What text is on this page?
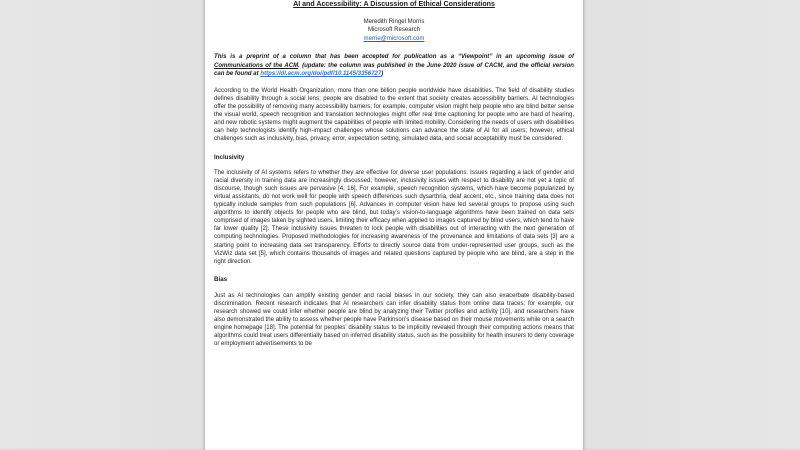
AI and Accessibility: A Discussion of Ethical Considerations
Meredith Ringel Morris
Microsoft Research
merrie@microsoft.com
This is a preprint of a column that has been accepted for publication as a “Viewpoint” in an upcoming issue of Communications of the ACM. (update: the column was published in the June 2020 issue of CACM, and the official version can be found at https://dl.acm.org/doi/pdf/10.1145/3356727)

According to the World Health Organization, more than one billion people worldwide have disabilities. The field of disability studies defines disability through a social lens; people are disabled to the extent that society creates accessibility barriers. AI technologies offer the possibility of removing many accessibility barriers; for example, computer vision might help people who are blind better sense the visual world, speech recognition and translation technologies might offer real time captioning for people who are hard of hearing, and new robotic systems might augment the capabilities of people with limited mobility. Considering the needs of users with disabilities can help technologists identify high-impact challenges whose solutions can advance the state of AI for all users; however, ethical challenges such as inclusivity, bias, privacy, error, expectation setting, simulated data, and social acceptability must be considered.

Inclusivity

The inclusivity of AI systems refers to whether they are effective for diverse user populations. Issues regarding a lack of gender and racial diversity in training data are increasingly discussed; however, inclusivity issues with respect to disability are not yet a topic of discourse, though such issues are pervasive [4, 16]. For example, speech recognition systems, which have become popularized by virtual assistants, do not work well for people with speech differences such dysarthria, deaf accent, etc., since training data does not typically include samples from such populations [6]. Advances in computer vision have led several groups to propose using such algorithms to identify objects for people who are blind, but today’s vision-to-language algorithms have been trained on data sets comprised of images taken by sighted users, limiting their efficacy when applied to images captured by blind users, which tend to have far lower quality [2]. These inclusivity issues threaten to lock people with disabilities out of interacting with the next generation of computing technologies. Proposed methodologies for increasing awareness of the provenance and limitations of data sets [3] are a starting point to increasing data set transparency. Efforts to directly source data from under-represented user groups, such as the VizWiz data set [5], which contains thousands of images and related questions captured by people who are blind, are a step in the right direction.

Bias

Just as AI technologies can amplify existing gender and racial biases in our society, they can also exacerbate disability-based discrimination. Recent research indicates that AI researchers can infer disability status from online data traces; for example, our research showed we could infer whether people are blind by analyzing their Twitter profiles and activity [10], and researchers have also demonstrated the ability to assess whether people have Parkinson’s disease based on their mouse movements while on a search engine homepage [18]. The potential for peoples’ disability status to be implicitly revealed through their computing actions means that algorithms could treat users differentially based on inferred disability status, such as the possibility for health insurers to deny coverage or employment advertisements to be
